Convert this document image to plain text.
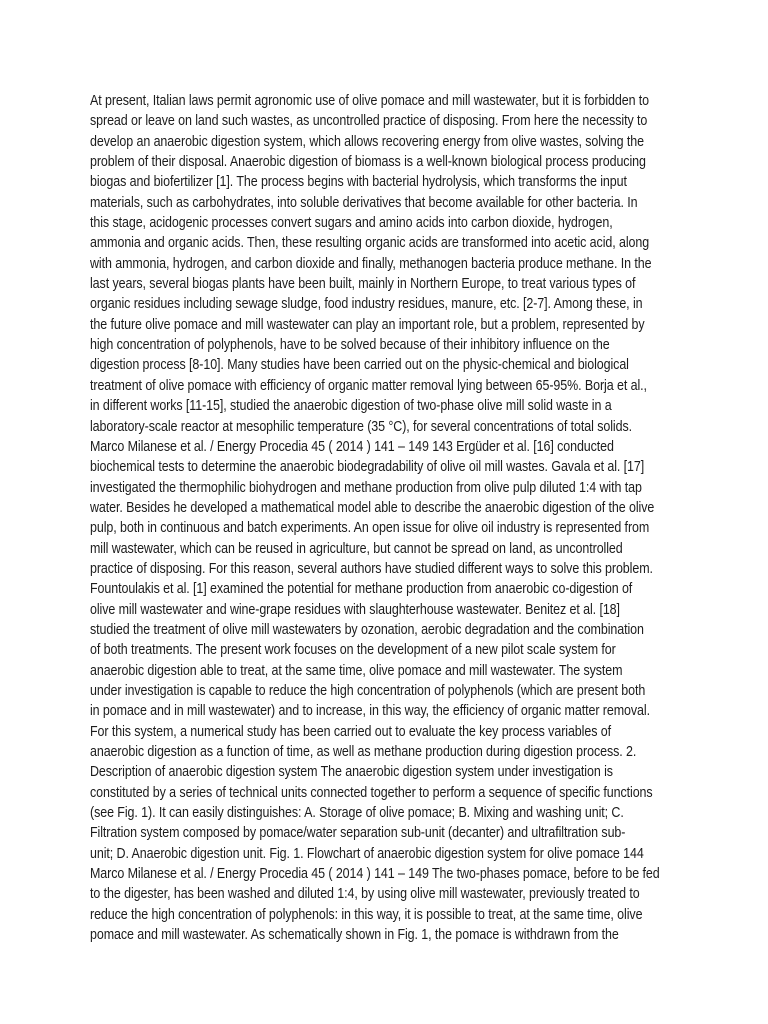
At present, Italian laws permit agronomic use of olive pomace and mill wastewater, but it is forbidden to
spread or leave on land such wastes, as uncontrolled practice of disposing. From here the necessity to
develop an anaerobic digestion system, which allows recovering energy from olive wastes, solving the
problem of their disposal. Anaerobic digestion of biomass is a well-known biological process producing
biogas and biofertilizer [1]. The process begins with bacterial hydrolysis, which transforms the input
materials, such as carbohydrates, into soluble derivatives that become available for other bacteria. In
this stage, acidogenic processes convert sugars and amino acids into carbon dioxide, hydrogen,
ammonia and organic acids. Then, these resulting organic acids are transformed into acetic acid, along
with ammonia, hydrogen, and carbon dioxide and finally, methanogen bacteria produce methane. In the
last years, several biogas plants have been built, mainly in Northern Europe, to treat various types of
organic residues including sewage sludge, food industry residues, manure, etc. [2-7]. Among these, in
the future olive pomace and mill wastewater can play an important role, but a problem, represented by
high concentration of polyphenols, have to be solved because of their inhibitory influence on the
digestion process [8-10]. Many studies have been carried out on the physic-chemical and biological
treatment of olive pomace with efficiency of organic matter removal lying between 65-95%. Borja et al.,
in different works [11-15], studied the anaerobic digestion of two-phase olive mill solid waste in a
laboratory-scale reactor at mesophilic temperature (35 °C), for several concentrations of total solids.
Marco Milanese et al. / Energy Procedia 45 ( 2014 ) 141 – 149 143 Ergüder et al. [16] conducted
biochemical tests to determine the anaerobic biodegradability of olive oil mill wastes. Gavala et al. [17]
investigated the thermophilic biohydrogen and methane production from olive pulp diluted 1:4 with tap
water. Besides he developed a mathematical model able to describe the anaerobic digestion of the olive
pulp, both in continuous and batch experiments. An open issue for olive oil industry is represented from
mill wastewater, which can be reused in agriculture, but cannot be spread on land, as uncontrolled
practice of disposing. For this reason, several authors have studied different ways to solve this problem.
Fountoulakis et al. [1] examined the potential for methane production from anaerobic co-digestion of
olive mill wastewater and wine-grape residues with slaughterhouse wastewater. Benitez et al. [18]
studied the treatment of olive mill wastewaters by ozonation, aerobic degradation and the combination
of both treatments. The present work focuses on the development of a new pilot scale system for
anaerobic digestion able to treat, at the same time, olive pomace and mill wastewater. The system
under investigation is capable to reduce the high concentration of polyphenols (which are present both
in pomace and in mill wastewater) and to increase, in this way, the efficiency of organic matter removal.
For this system, a numerical study has been carried out to evaluate the key process variables of
anaerobic digestion as a function of time, as well as methane production during digestion process. 2.
Description of anaerobic digestion system The anaerobic digestion system under investigation is
constituted by a series of technical units connected together to perform a sequence of specific functions
(see Fig. 1). It can easily distinguishes: A. Storage of olive pomace; B. Mixing and washing unit; C.
Filtration system composed by pomace/water separation sub-unit (decanter) and ultrafiltration sub-
unit; D. Anaerobic digestion unit. Fig. 1. Flowchart of anaerobic digestion system for olive pomace 144
Marco Milanese et al. / Energy Procedia 45 ( 2014 ) 141 – 149 The two-phases pomace, before to be fed
to the digester, has been washed and diluted 1:4, by using olive mill wastewater, previously treated to
reduce the high concentration of polyphenols: in this way, it is possible to treat, at the same time, olive
pomace and mill wastewater. As schematically shown in Fig. 1, the pomace is withdrawn from the
